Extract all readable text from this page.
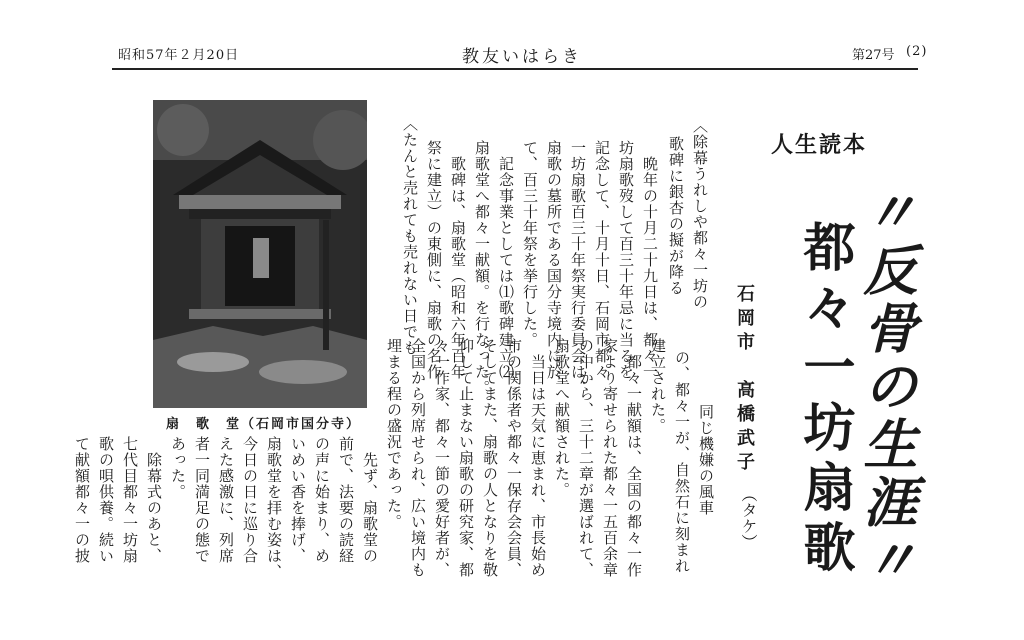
昭和57年２月20日	教友いはらき	第27号 (2)
人生読本
〃反骨の生涯〃
都々一坊扇歌
石岡市　高橋武子
（タケ）
〈除幕うれしや都々一坊の
歌碑に銀杏の擬が降る
晩年の十月二十九日は、都々一
坊扇歌歿して百三十年忌に当るを
記念して、十月十日、石岡市都々
一坊扇歌百三十年祭実行委員会は、
扇歌の墓所である国分寺境内に於
て、百三十年祭を挙行した。
　記念事業としては⑴歌碑建立⑵
扇歌堂へ都々一献額。を行なった。
　歌碑は、扇歌堂（昭和六年百年
祭に建立）の東側に、扇歌の名作
〈たんと売れても売れない日でも
同じ機嫌の風車
の、都々一が、自然石に刻まれ
建立された。
　都々一献額は、全国の都々一作
家より寄せられた都々一五百余章
の中から、三十二章が選ばれて、
扇歌堂へ献額された。
　当日は天気に恵まれ、市長始め
市の関係者や都々一保存会会員、
そしてまた、扇歌の人となりを敬
仰して止まない扇歌の研究家、都
々一作家、都々一節の愛好者が、
全国から列席せられ、広い境内も
埋まる程の盛況であった。
　先ず、扇歌堂の
前で、法要の読経
の声に始まり、め
いめい香を捧げ、
扇歌堂を拝む姿は、
今日の日に巡り合
えた感激に、列席
者一同満足の態で
あった。
　除幕式のあと、
七代目都々一坊扇
歌の唄供養。続い
て献額都々一の披
扇　歌　堂（石岡市国分寺）
